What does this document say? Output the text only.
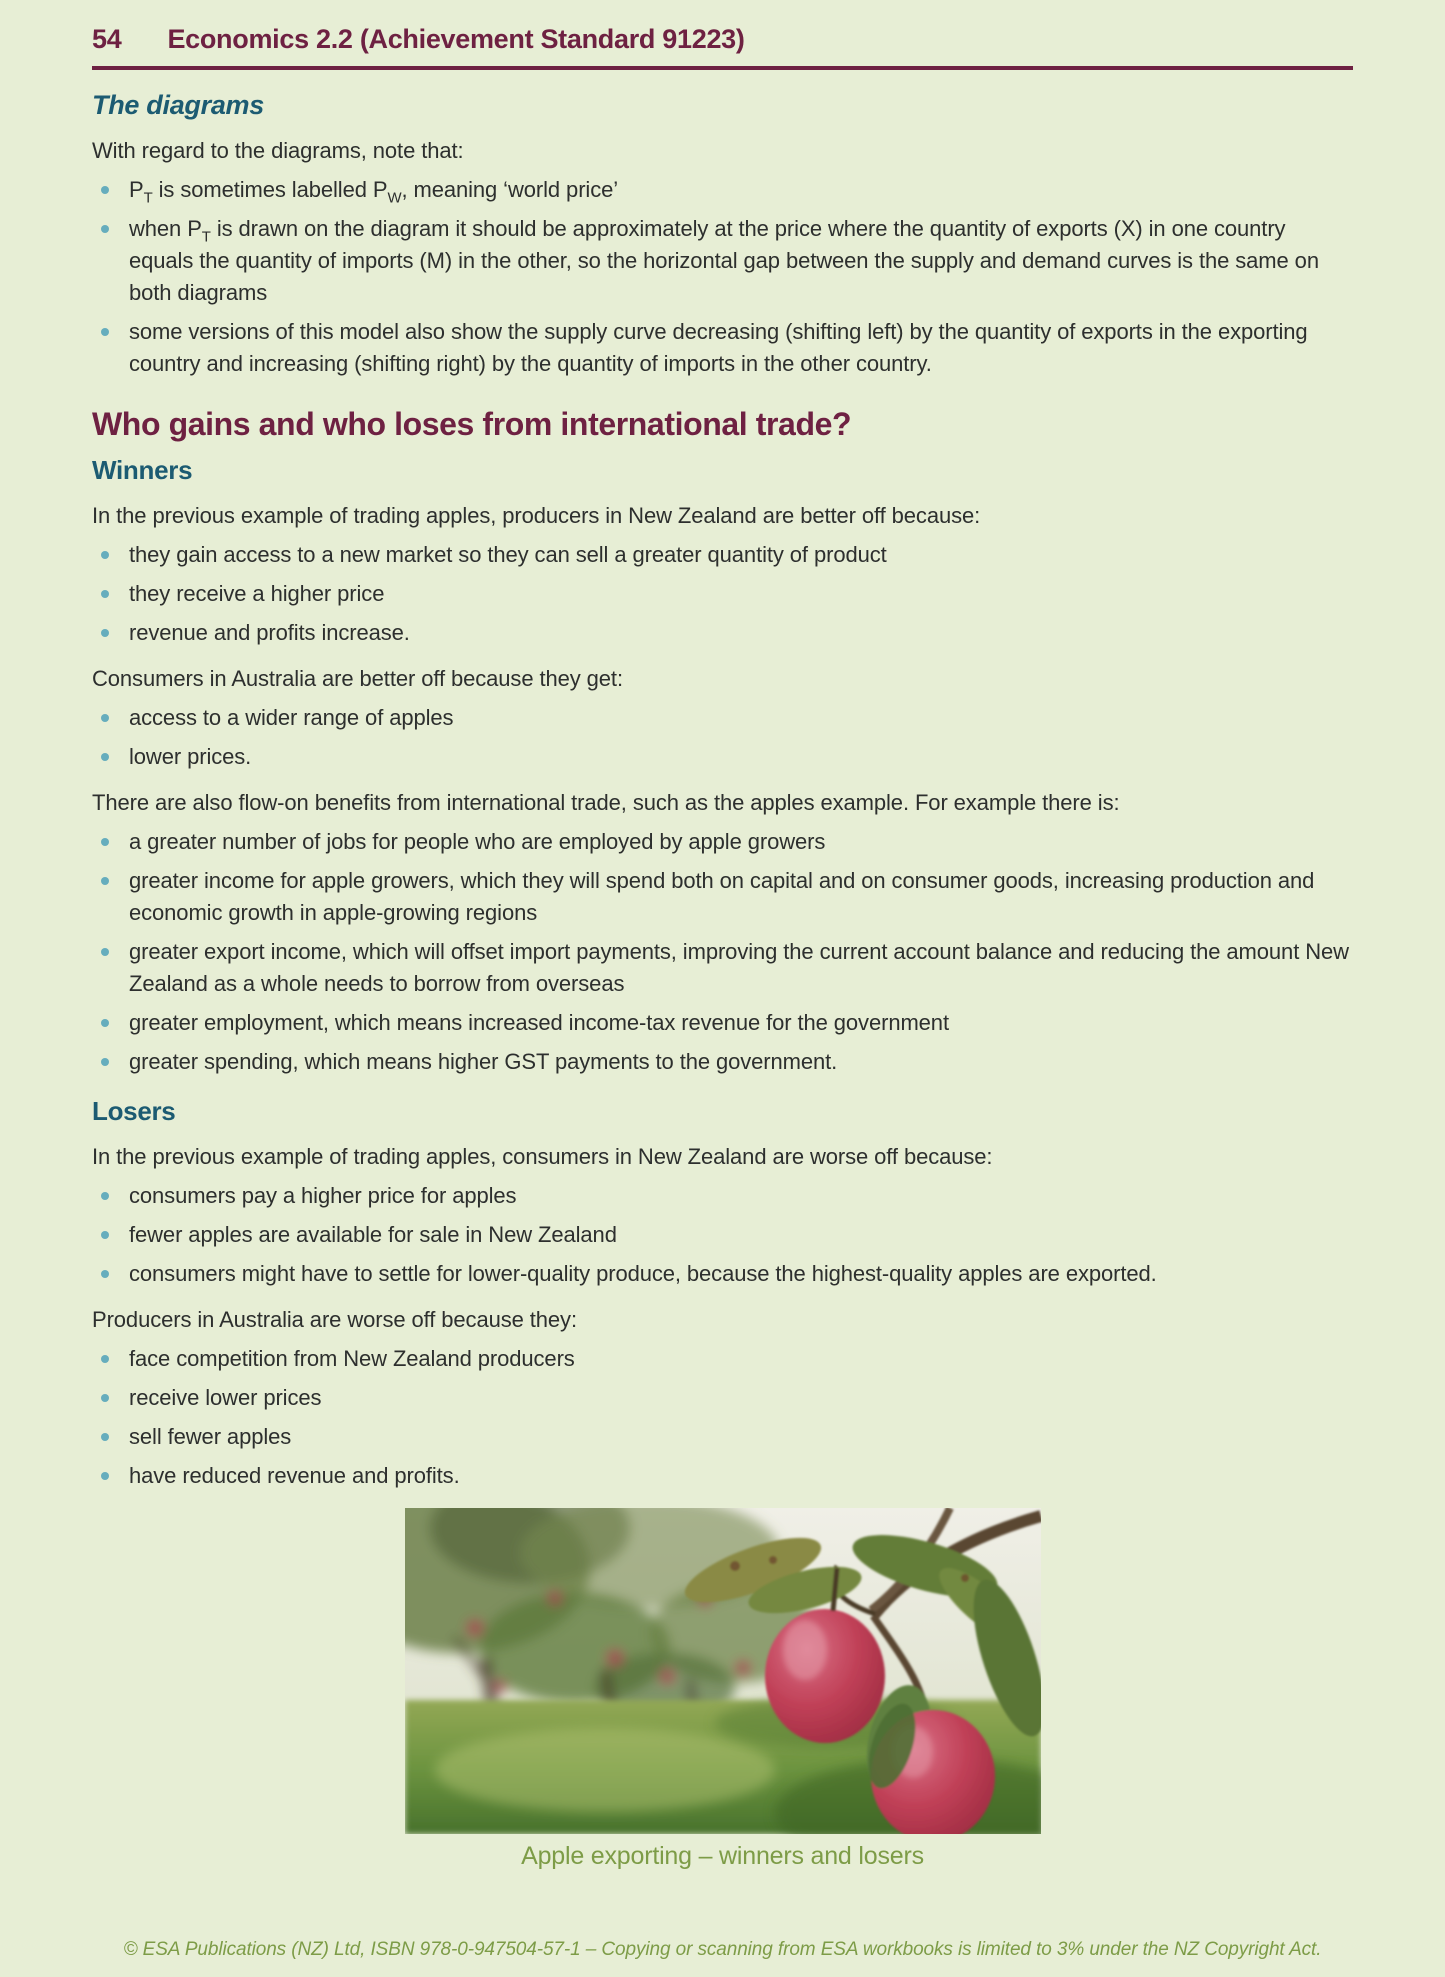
54 Economics 2.2 (Achievement Standard 91223)
The diagrams

With regard to the diagrams, note that:

$P_T$ is sometimes labelled $P_W$, meaning ‘world price’
when $P_T$ is drawn on the diagram it should be approximately at the price where the quantity of exports (X) in one country equals the quantity of imports (M) in the other, so the horizontal gap between the supply and demand curves is the same on both diagrams
some versions of this model also show the supply curve decreasing (shifting left) by the quantity of exports in the exporting country and increasing (shifting right) by the quantity of imports in the other country.
Who gains and who loses from international trade?
Winners

In the previous example of trading apples, producers in New Zealand are better off because:

they gain access to a new market so they can sell a greater quantity of product
they receive a higher price
revenue and profits increase.

Consumers in Australia are better off because they get:

access to a wider range of apples
lower prices.

There are also flow-on benefits from international trade, such as the apples example. For example there is:

a greater number of jobs for people who are employed by apple growers
greater income for apple growers, which they will spend both on capital and on consumer goods, increasing production and economic growth in apple-growing regions
greater export income, which will offset import payments, improving the current account balance and reducing the amount New Zealand as a whole needs to borrow from overseas
greater employment, which means increased income-tax revenue for the government
greater spending, which means higher GST payments to the government.
Losers

In the previous example of trading apples, consumers in New Zealand are worse off because:

consumers pay a higher price for apples
fewer apples are available for sale in New Zealand
consumers might have to settle for lower-quality produce, because the highest-quality apples are exported.

Producers in Australia are worse off because they:

face competition from New Zealand producers
receive lower prices
sell fewer apples
have reduced revenue and profits.
Apple exporting – winners and losers
© ESA Publications (NZ) Ltd, ISBN 978-0-947504-57-1 – Copying or scanning from ESA workbooks is limited to 3% under the NZ Copyright Act.
